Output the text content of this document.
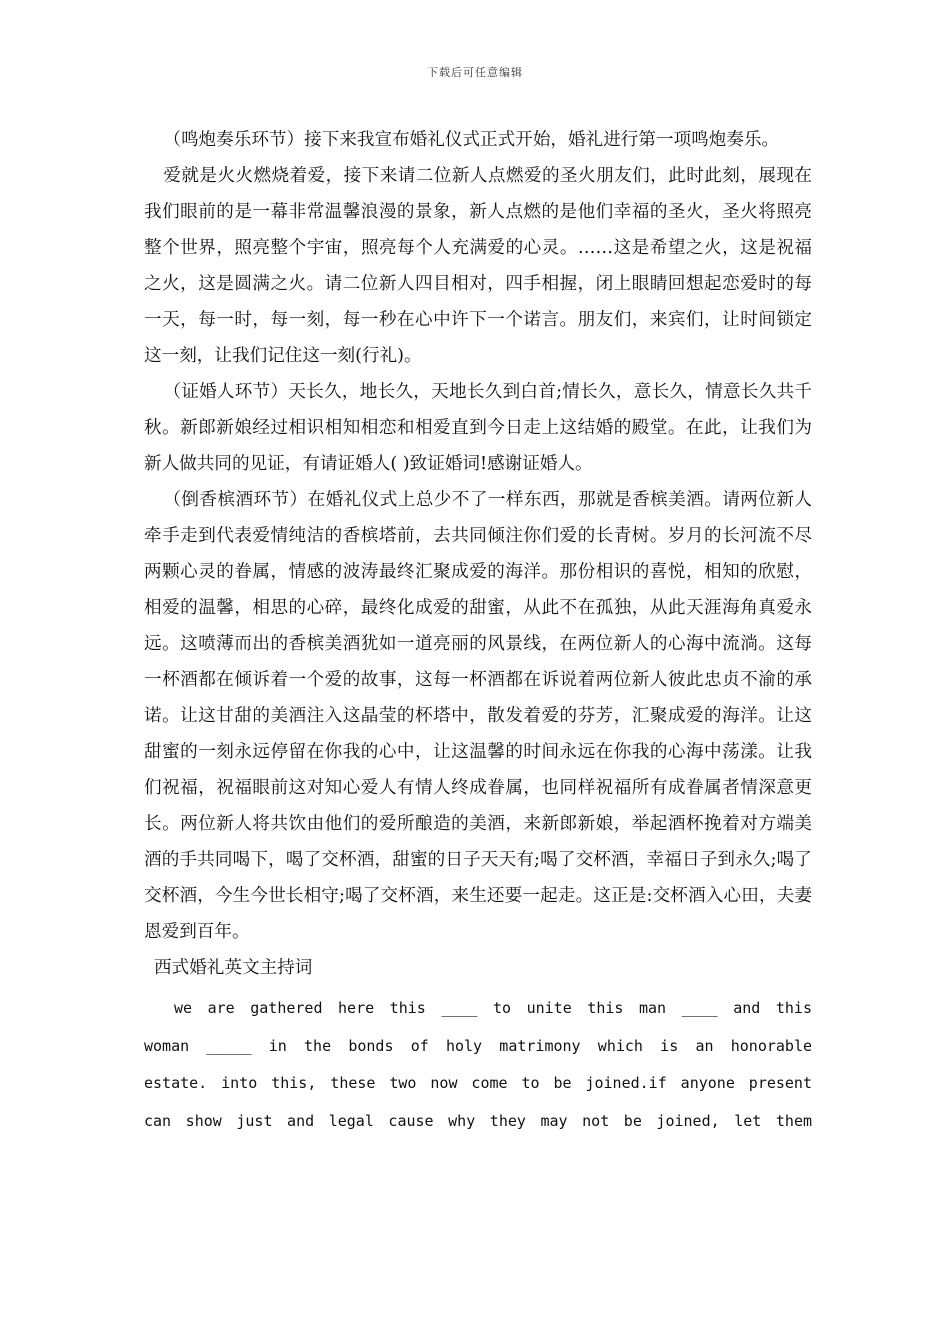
下载后可任意编辑

（鸣炮奏乐环节）接下来我宣布婚礼仪式正式开始，婚礼进行第一项鸣炮奏乐。

爱就是火火燃烧着爱，接下来请二位新人点燃爱的圣火朋友们，此时此刻，展现在我们眼前的是一幕非常温馨浪漫的景象，新人点燃的是他们幸福的圣火，圣火将照亮整个世界，照亮整个宇宙，照亮每个人充满爱的心灵。……这是希望之火，这是祝福之火，这是圆满之火。请二位新人四目相对，四手相握，闭上眼睛回想起恋爱时的每一天，每一时，每一刻，每一秒在心中许下一个诺言。朋友们，来宾们，让时间锁定这一刻，让我们记住这一刻(行礼)。

（证婚人环节）天长久，地长久，天地长久到白首;情长久，意长久，情意长久共千秋。新郎新娘经过相识相知相恋和相爱直到今日走上这结婚的殿堂。在此，让我们为新人做共同的见证，有请证婚人( )致证婚词!感谢证婚人。

（倒香槟酒环节）在婚礼仪式上总少不了一样东西，那就是香槟美酒。请两位新人牵手走到代表爱情纯洁的香槟塔前，去共同倾注你们爱的长青树。岁月的长河流不尽两颗心灵的眷属，情感的波涛最终汇聚成爱的海洋。那份相识的喜悦，相知的欣慰，相爱的温馨，相思的心碎，最终化成爱的甜蜜，从此不在孤独，从此天涯海角真爱永远。这喷薄而出的香槟美酒犹如一道亮丽的风景线，在两位新人的心海中流淌。这每一杯酒都在倾诉着一个爱的故事，这每一杯酒都在诉说着两位新人彼此忠贞不渝的承诺。让这甘甜的美酒注入这晶莹的杯塔中，散发着爱的芬芳，汇聚成爱的海洋。让这甜蜜的一刻永远停留在你我的心中，让这温馨的时间永远在你我的心海中荡漾。让我们祝福，祝福眼前这对知心爱人有情人终成眷属，也同样祝福所有成眷属者情深意更长。两位新人将共饮由他们的爱所酿造的美酒，来新郎新娘，举起酒杯挽着对方端美酒的手共同喝下，喝了交杯酒，甜蜜的日子天天有;喝了交杯酒，幸福日子到永久;喝了交杯酒，今生今世长相守;喝了交杯酒，来生还要一起走。这正是:交杯酒入心田，夫妻恩爱到百年。

西式婚礼英文主持词

we are gathered here this ____ to unite this man ____ and this woman _____ in the bonds of holy matrimony which is an honorable estate. into this, these two now come to be joined.if anyone present can show just and legal cause why they may not be joined, let them
